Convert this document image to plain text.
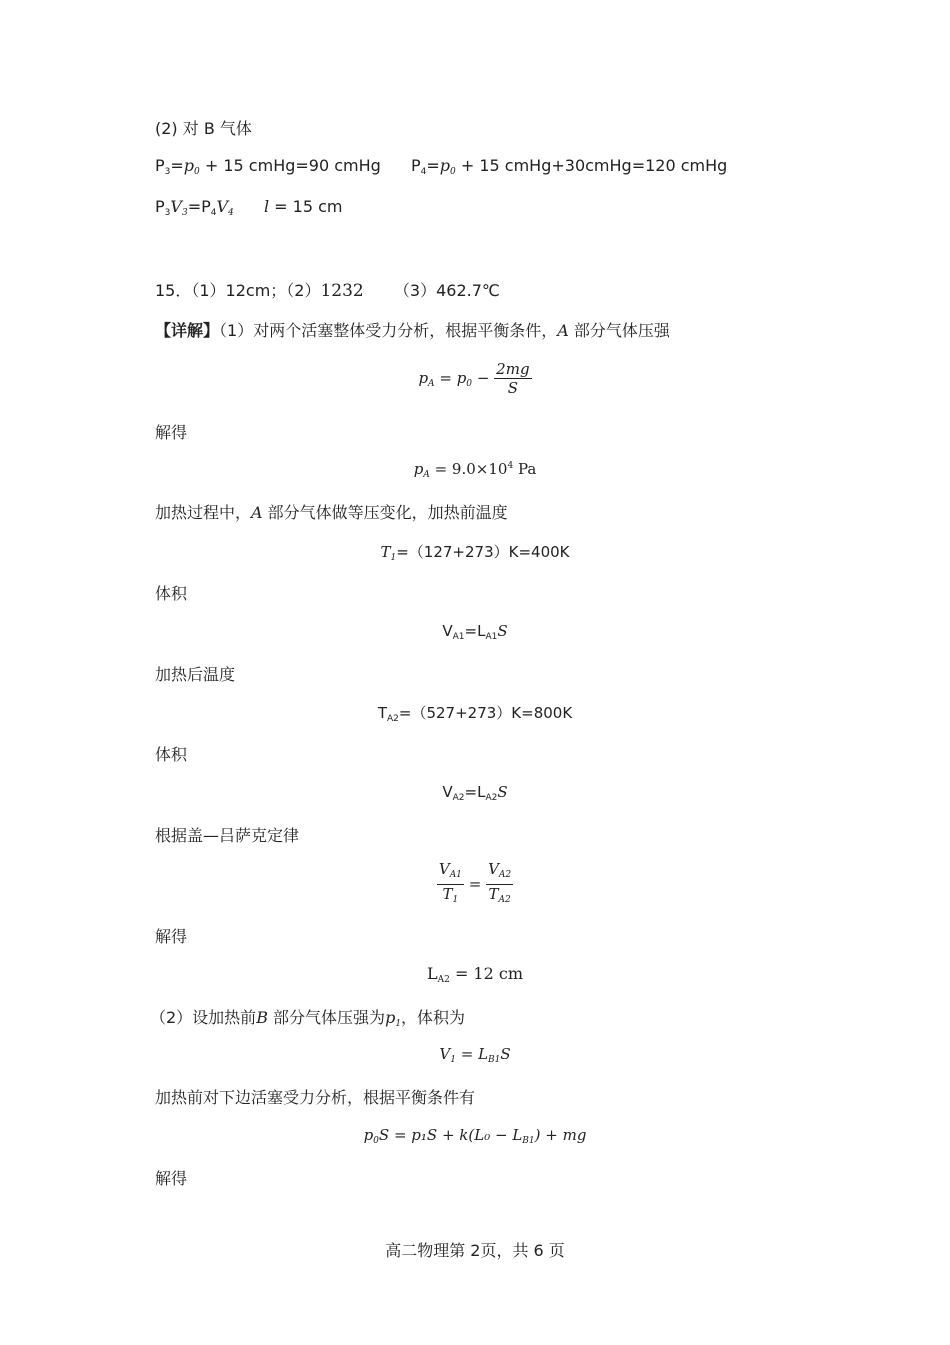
(2) 对 B 气体
$P_3=p_0 + 15$ cmHg=90 cmHg $P_4=p_0 + 15$ cmHg+30cmHg=120 cmHg
$P_3V_3=P_4V_4$ l = 15 cm
15．（1）12cm；（2）1232 （3）462.7℃
【详解】（1）对两个活塞整体受力分析，根据平衡条件，A 部分气体压强
$p_A = p_0 - \frac{2mg}{S}$
解得
$p_A = 9.0\times 10^4$ Pa
加热过程中，A 部分气体做等压变化，加热前温度
$T_1=(127+273)K=400K$
体积
$V_{A1}=L_{A1}S$
加热后温度
$T_{A2}=(527+273)K=800K$
体积
$V_{A2}=L_{A2}S$
根据盖—吕萨克定律
$\frac{V_{A1}}{T_1} = \frac{V_{A2}}{T_{A2}}$
解得
$L_{A2} = 12$ cm
（2）设加热前B 部分气体压强为$p_1$，体积为
$V_1 = L_{B1}S$
加热前对下边活塞受力分析，根据平衡条件有
$p_0S = p_1S + k(L_0 - L_{B1})$ + mg
解得
高二物理第 2页，共 6 页
